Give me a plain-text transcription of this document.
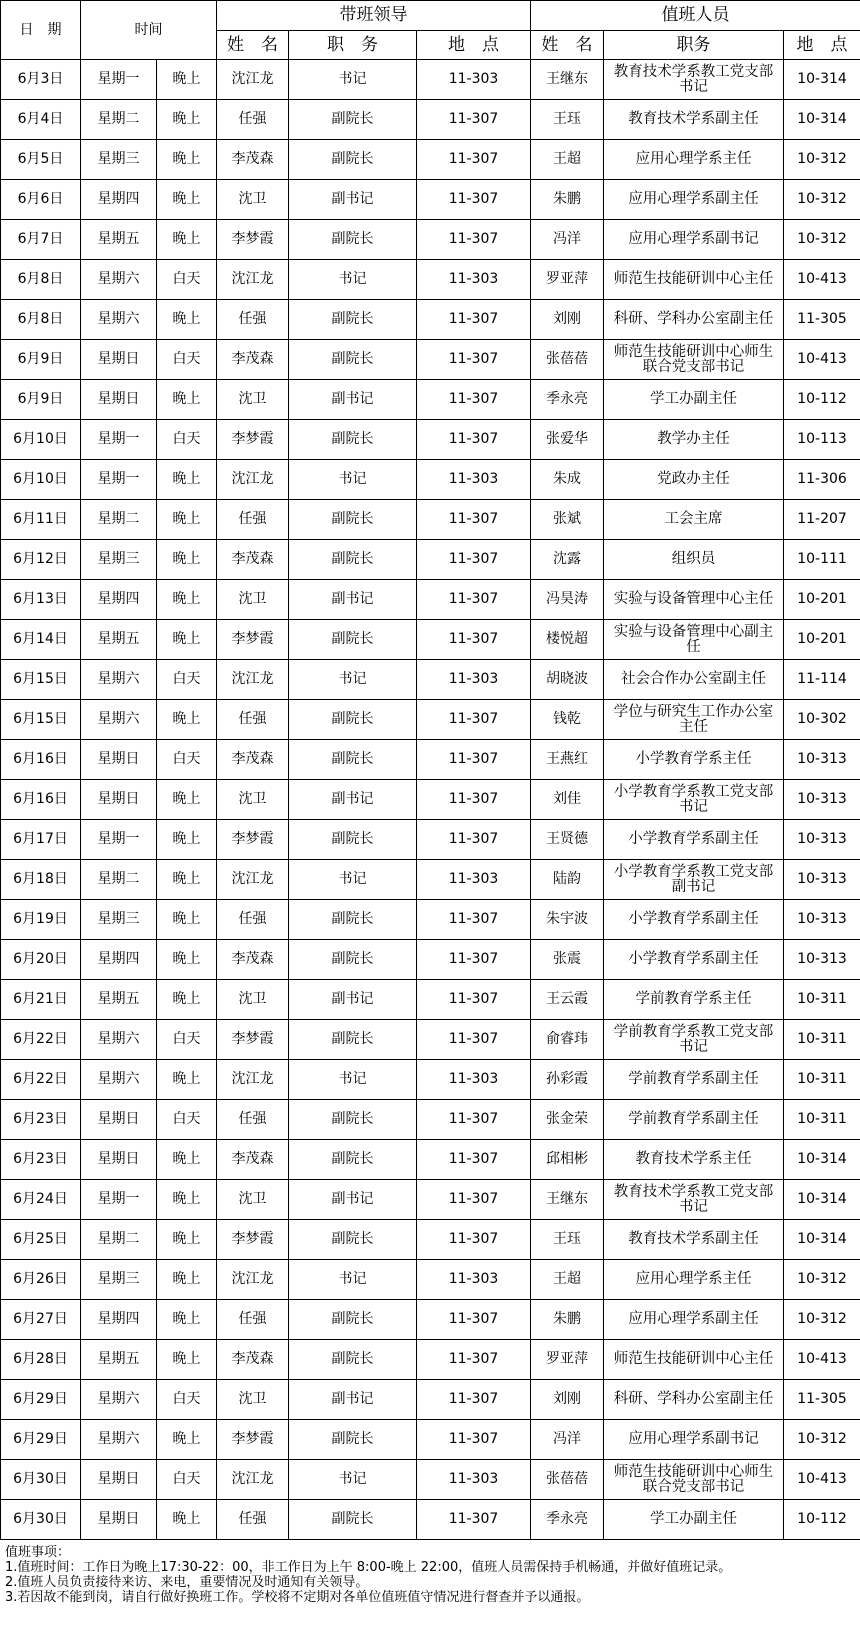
日　期	时间		带班领导			值班人员		
			姓　名	职　务	地　点	姓　名	职务	地　点
6月3日	星期一	晚上	沈江龙	书记	11-303	王继东	教育技术学系教工党支部书记	10-314
6月4日	星期二	晚上	任强	副院长	11-307	王珏	教育技术学系副主任	10-314
6月5日	星期三	晚上	李茂森	副院长	11-307	王超	应用心理学系主任	10-312
6月6日	星期四	晚上	沈卫	副书记	11-307	朱鹏	应用心理学系副主任	10-312
6月7日	星期五	晚上	李梦霞	副院长	11-307	冯洋	应用心理学系副书记	10-312
6月8日	星期六	白天	沈江龙	书记	11-303	罗亚萍	师范生技能研训中心主任	10-413
6月8日	星期六	晚上	任强	副院长	11-307	刘刚	科研、学科办公室副主任	11-305
6月9日	星期日	白天	李茂森	副院长	11-307	张蓓蓓	师范生技能研训中心师生联合党支部书记	10-413
6月9日	星期日	晚上	沈卫	副书记	11-307	季永亮	学工办副主任	10-112
6月10日	星期一	白天	李梦霞	副院长	11-307	张爱华	教学办主任	10-113
6月10日	星期一	晚上	沈江龙	书记	11-303	朱成	党政办主任	11-306
6月11日	星期二	晚上	任强	副院长	11-307	张斌	工会主席	11-207
6月12日	星期三	晚上	李茂森	副院长	11-307	沈露	组织员	10-111
6月13日	星期四	晚上	沈卫	副书记	11-307	冯昊涛	实验与设备管理中心主任	10-201
6月14日	星期五	晚上	李梦霞	副院长	11-307	楼悦超	实验与设备管理中心副主任	10-201
6月15日	星期六	白天	沈江龙	书记	11-303	胡晓波	社会合作办公室副主任	11-114
6月15日	星期六	晚上	任强	副院长	11-307	钱乾	学位与研究生工作办公室主任	10-302
6月16日	星期日	白天	李茂森	副院长	11-307	王燕红	小学教育学系主任	10-313
6月16日	星期日	晚上	沈卫	副书记	11-307	刘佳	小学教育学系教工党支部书记	10-313
6月17日	星期一	晚上	李梦霞	副院长	11-307	王贤德	小学教育学系副主任	10-313
6月18日	星期二	晚上	沈江龙	书记	11-303	陆韵	小学教育学系教工党支部副书记	10-313
6月19日	星期三	晚上	任强	副院长	11-307	朱宇波	小学教育学系副主任	10-313
6月20日	星期四	晚上	李茂森	副院长	11-307	张震	小学教育学系副主任	10-313
6月21日	星期五	晚上	沈卫	副书记	11-307	王云霞	学前教育学系主任	10-311
6月22日	星期六	白天	李梦霞	副院长	11-307	俞睿玮	学前教育学系教工党支部书记	10-311
6月22日	星期六	晚上	沈江龙	书记	11-303	孙彩霞	学前教育学系副主任	10-311
6月23日	星期日	白天	任强	副院长	11-307	张金荣	学前教育学系副主任	10-311
6月23日	星期日	晚上	李茂森	副院长	11-307	邱相彬	教育技术学系主任	10-314
6月24日	星期一	晚上	沈卫	副书记	11-307	王继东	教育技术学系教工党支部书记	10-314
6月25日	星期二	晚上	李梦霞	副院长	11-307	王珏	教育技术学系副主任	10-314
6月26日	星期三	晚上	沈江龙	书记	11-303	王超	应用心理学系主任	10-312
6月27日	星期四	晚上	任强	副院长	11-307	朱鹏	应用心理学系副主任	10-312
6月28日	星期五	晚上	李茂森	副院长	11-307	罗亚萍	师范生技能研训中心主任	10-413
6月29日	星期六	白天	沈卫	副书记	11-307	刘刚	科研、学科办公室副主任	11-305
6月29日	星期六	晚上	李梦霞	副院长	11-307	冯洋	应用心理学系副书记	10-312
6月30日	星期日	白天	沈江龙	书记	11-303	张蓓蓓	师范生技能研训中心师生联合党支部书记	10-413
6月30日	星期日	晚上	任强	副院长	11-307	季永亮	学工办副主任	10-112
值班事项：
1.值班时间：工作日为晚上17:30-22：00，非工作日为上午 8:00-晚上 22:00，值班人员需保持手机畅通，并做好值班记录。
2.值班人员负责接待来访、来电，重要情况及时通知有关领导。
3.若因故不能到岗，请自行做好换班工作。学校将不定期对各单位值班值守情况进行督查并予以通报。
